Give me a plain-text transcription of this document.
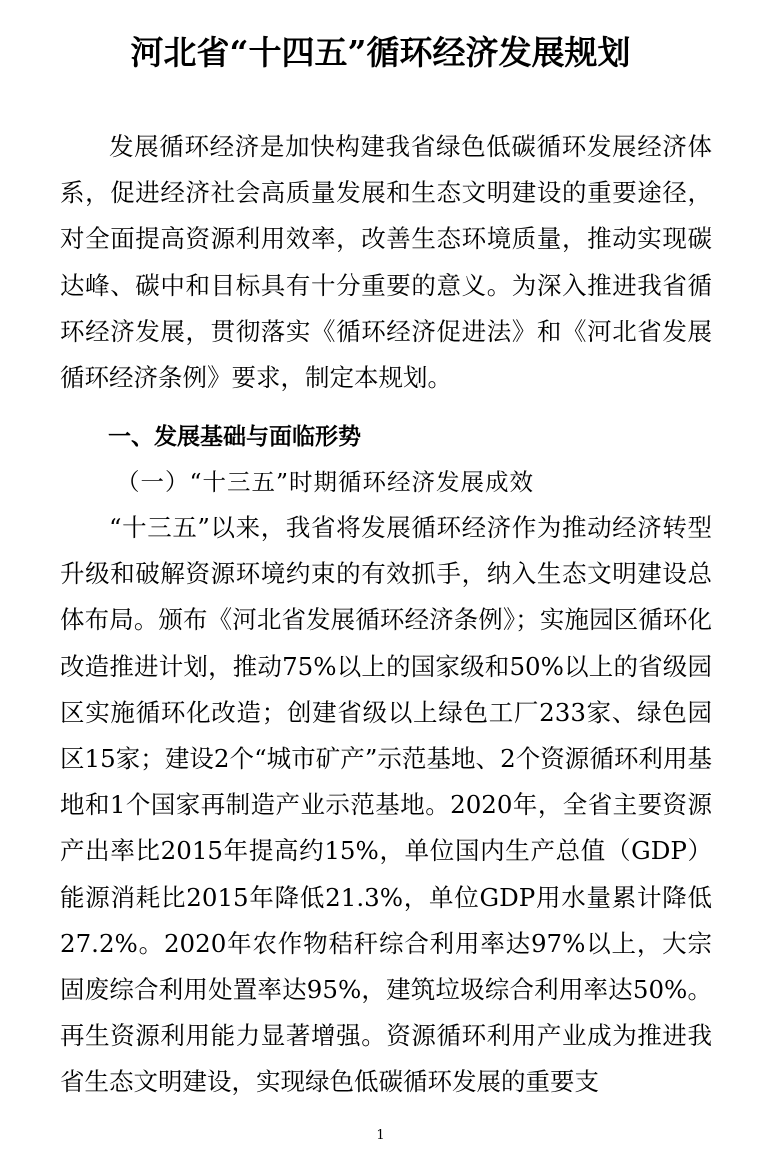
河北省“十四五”循环经济发展规划

发展循环经济是加快构建我省绿色低碳循环发展经济体系，促进经济社会高质量发展和生态文明建设的重要途径，对全面提高资源利用效率，改善生态环境质量，推动实现碳达峰、碳中和目标具有十分重要的意义。为深入推进我省循环经济发展，贯彻落实《循环经济促进法》和《河北省发展循环经济条例》要求，制定本规划。

一、发展基础与面临形势
（一）“十三五”时期循环经济发展成效

“十三五”以来，我省将发展循环经济作为推动经济转型升级和破解资源环境约束的有效抓手，纳入生态文明建设总体布局。颁布《河北省发展循环经济条例》；实施园区循环化改造推进计划，推动75%以上的国家级和50%以上的省级园区实施循环化改造；创建省级以上绿色工厂233家、绿色园区15家；建设2个“城市矿产”示范基地、2个资源循环利用基地和1个国家再制造产业示范基地。2020年，全省主要资源产出率比2015年提高约15%，单位国内生产总值（GDP）能源消耗比2015年降低21.3%，单位GDP用水量累计降低27.2%。2020年农作物秸秆综合利用率达97%以上，大宗固废综合利用处置率达95%，建筑垃圾综合利用率达50%。再生资源利用能力显著增强。资源循环利用产业成为推进我省生态文明建设，实现绿色低碳循环发展的重要支

1
